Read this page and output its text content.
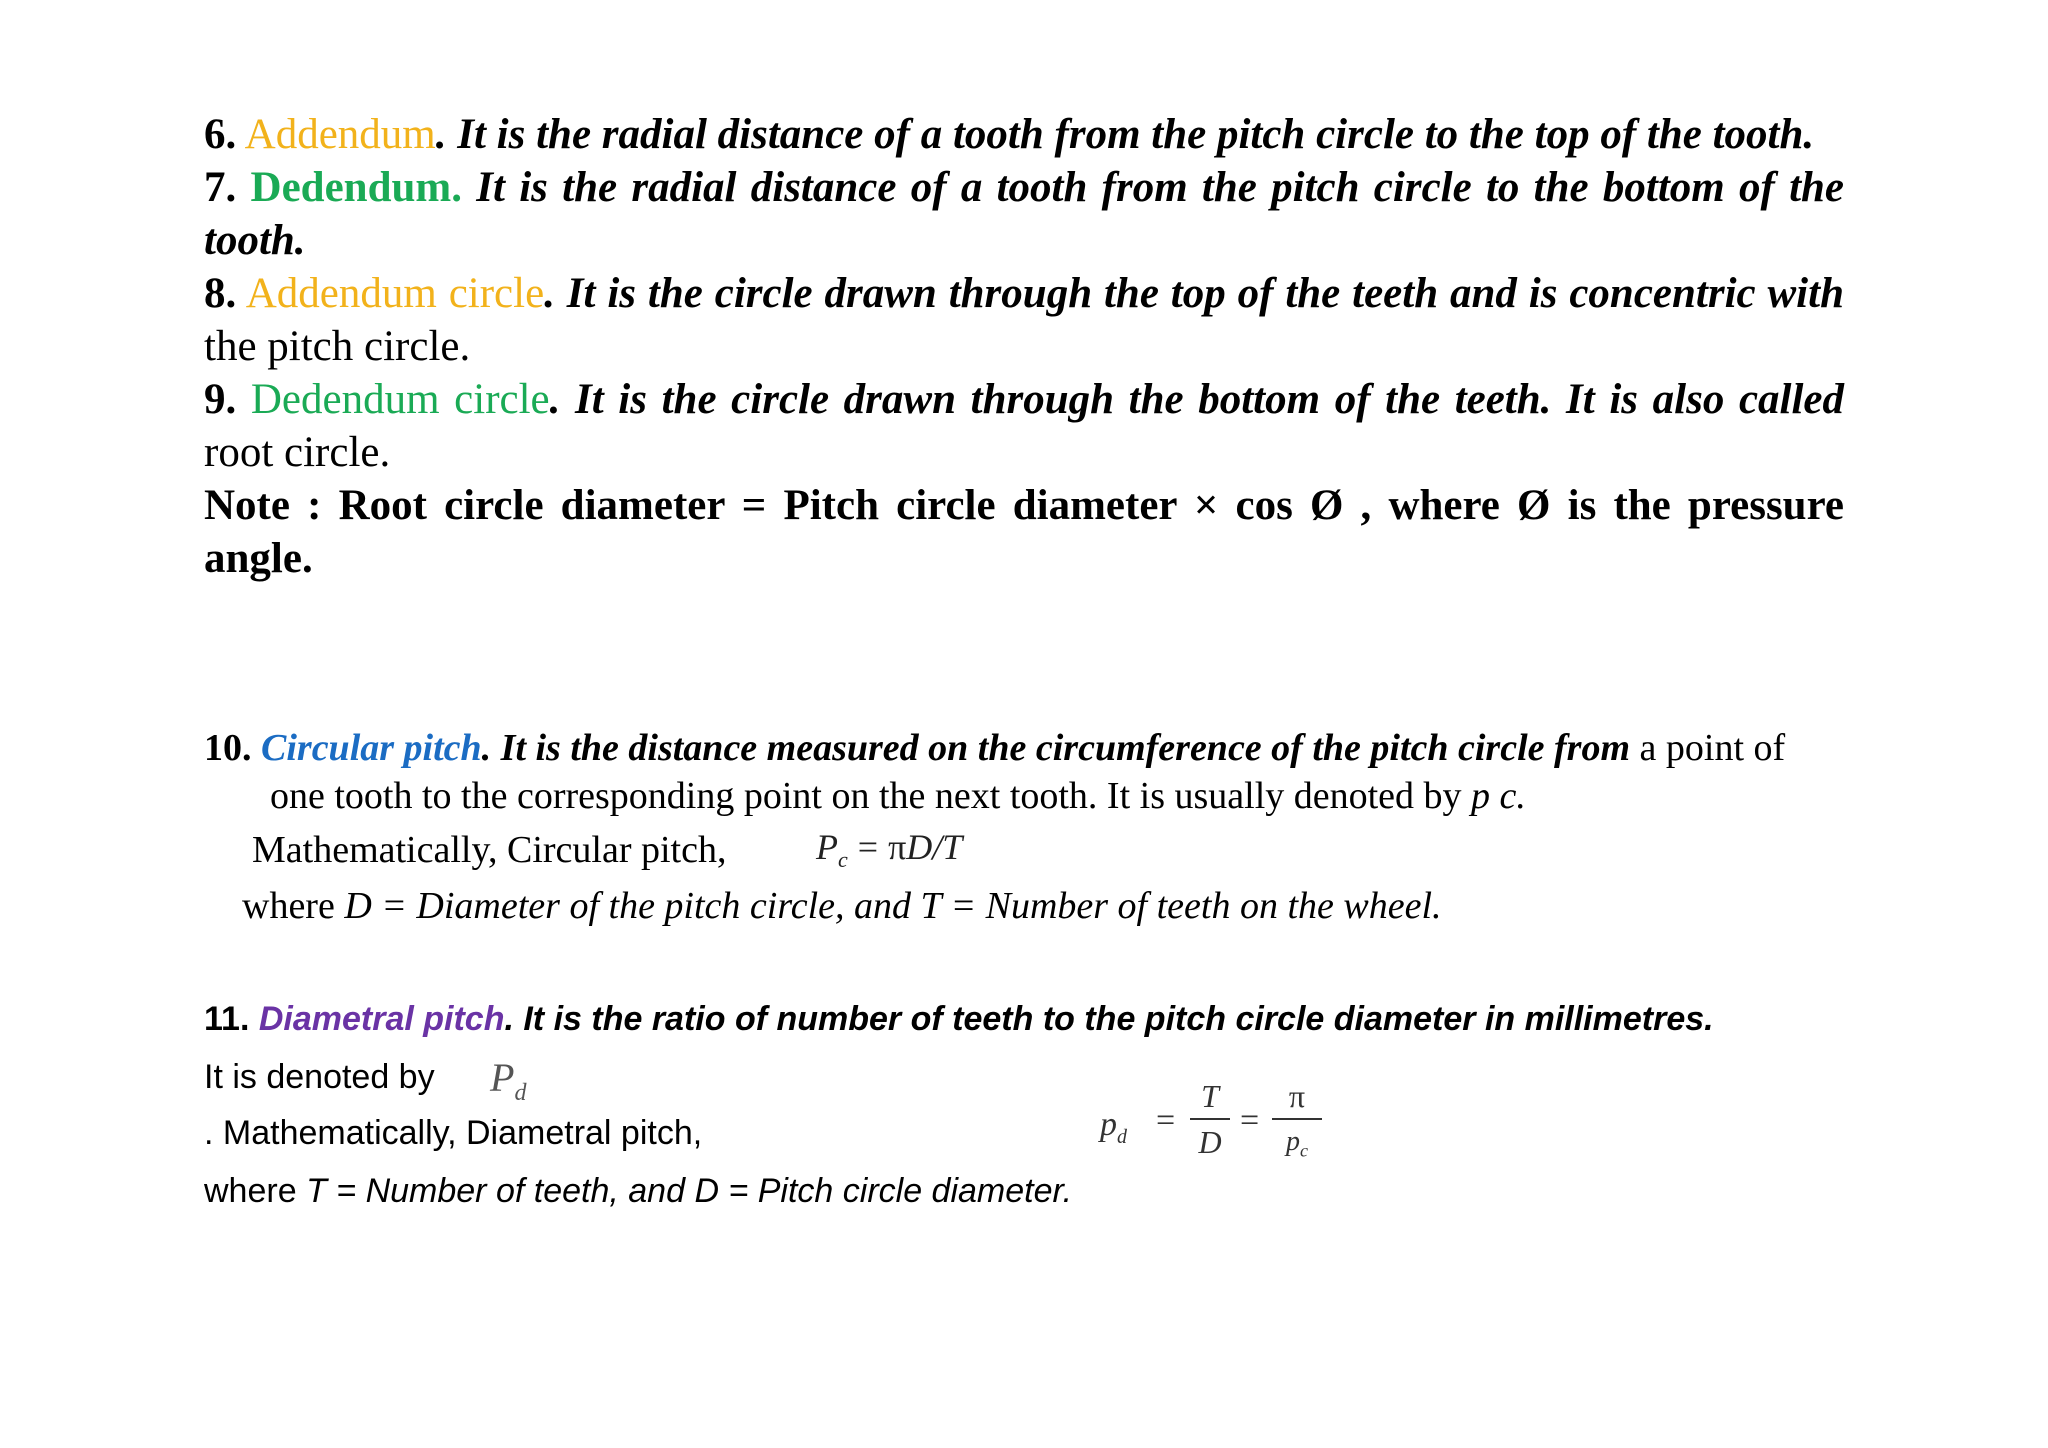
6. Addendum. It is the radial distance of a tooth from the pitch circle to the top of the tooth.
7. Dedendum. It is the radial distance of a tooth from the pitch circle to the bottom of the tooth.
8. Addendum circle. It is the circle drawn through the top of the teeth and is concentric with the pitch circle.
9. Dedendum circle. It is the circle drawn through the bottom of the teeth. It is also called root circle.
Note : Root circle diameter = Pitch circle diameter × cos Ø , where Ø is the pressure angle.
10. Circular pitch. It is the distance measured on the circumference of the pitch circle from a point of
one tooth to the corresponding point on the next tooth. It is usually denoted by p c.
Mathematically, Circular pitch, $P_c = \pi D/T$
where D = Diameter of the pitch circle, and T = Number of teeth on the wheel.
11. Diametral pitch. It is the ratio of number of teeth to the pitch circle diameter in millimetres.
It is denoted by $P_d$
. Mathematically, Diametral pitch,
where T = Number of teeth, and D = Pitch circle diameter.
$p_d$ =
T
D
=
π
$p_c$
